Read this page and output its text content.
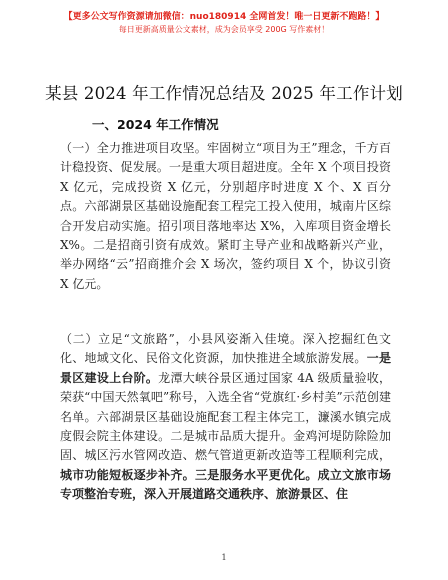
【更多公文写作资源请加微信：nuo180914 全网首发！唯一日更新不跑路！】
每日更新高质量公文素材，成为会员享受 200G 写作素材！
某县 2024 年工作情况总结及 2025 年工作计划
一、2024 年工作情况

（一）全力推进项目攻坚。牢固树立“项目为王”理念，千方百计稳投资、促发展。一是重大项目超进度。全年 X 个项目投资 X 亿元，完成投资 X 亿元，分别超序时进度 X 个、X 百分点。六部湖景区基础设施配套工程完工投入使用，城南片区综合开发启动实施。招引项目落地率达 X%，入库项目资金增长 X%。二是招商引资有成效。紧盯主导产业和战略新兴产业，举办网络“云”招商推介会 X 场次，签约项目 X 个，协议引资 X 亿元。

（二）立足“文旅路”，小县风姿渐入佳境。深入挖掘红色文化、地域文化、民俗文化资源，加快推进全域旅游发展。一是景区建设上台阶。龙潭大峡谷景区通过国家 4A 级质量验收，荣获“中国天然氧吧”称号，入选全省“党旗红·乡村美”示范创建名单。六部湖景区基础设施配套工程主体完工，濂溪水镇完成度假会院主体建设。二是城市品质大提升。金鸡河堤防除险加固、城区污水管网改造、燃气管道更新改造等工程顺利完成，城市功能短板逐步补齐。三是服务水平更优化。成立文旅市场专项整治专班，深入开展道路交通秩序、旅游景区、住

1
